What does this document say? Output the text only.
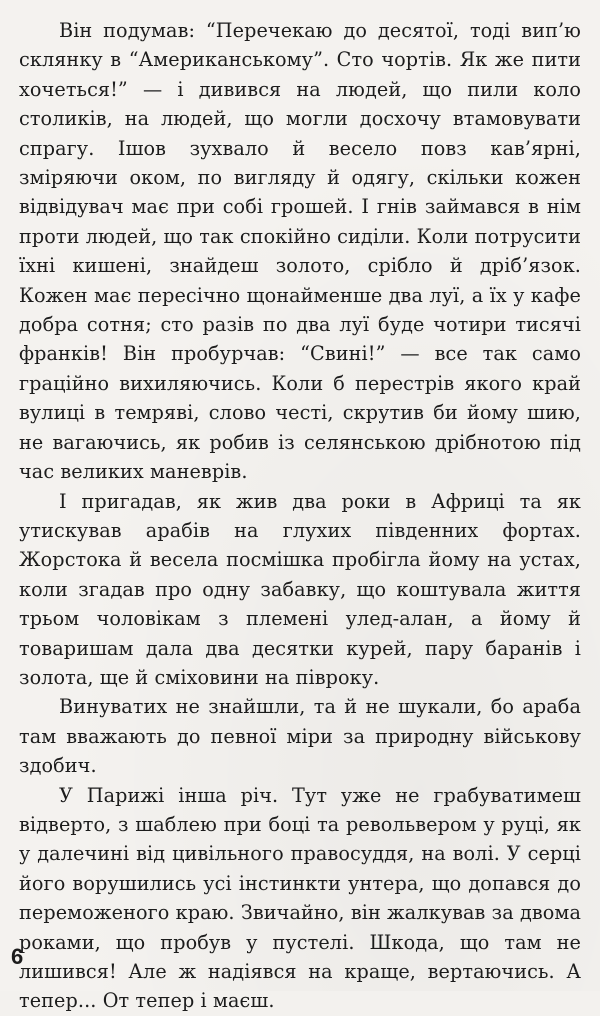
Він подумав: “Перечекаю до десятої, тоді вип’ю склянку в “Американському”. Сто чортів. Як же пити хочеться!” — і дивився на людей, що пили коло столиків, на людей, що могли досхочу втамовувати спрагу. Ішов зухвало й весело повз кав’ярні, зміряючи оком, по вигляду й одягу, скільки кожен відвідувач має при собі грошей. І гнів займався в нім проти людей, що так спокійно сиділи. Коли потрусити їхні кишені, знайдеш золото, срібло й дріб’язок. Кожен має пересічно щонайменше два луї, а їх у кафе добра сотня; сто разів по два луї буде чотири тисячі франків! Він пробурчав: “Свині!” — все так само граційно вихиляючись. Коли б перестрів якого край вулиці в темряві, слово честі, скрутив би йому шию, не вагаючись, як робив із селянською дрібнотою під час великих маневрів.

І пригадав, як жив два роки в Африці та як утискував арабів на глухих південних фортах. Жорстока й весела посмішка пробігла йому на устах, коли згадав про одну забавку, що коштувала життя трьом чоловікам з племені улед-алан, а йому й товаришам дала два десятки курей, пару баранів і золота, ще й сміховини на півроку.

Винуватих не знайшли, та й не шукали, бо араба там вважають до певної міри за природну військову здобич.

У Парижі інша річ. Тут уже не грабуватимеш відверто, з шаблею при боці та револьвером у руці, як у далечині від цивільного правосуддя, на волі. У серці його ворушились усі інстинкти унтера, що допався до переможеного краю. Звичайно, він жалкував за двома роками, що пробув у пустелі. Шкода, що там не лишився! Але ж надіявся на краще, вертаючись. А тепер... От тепер і маєш.

6
